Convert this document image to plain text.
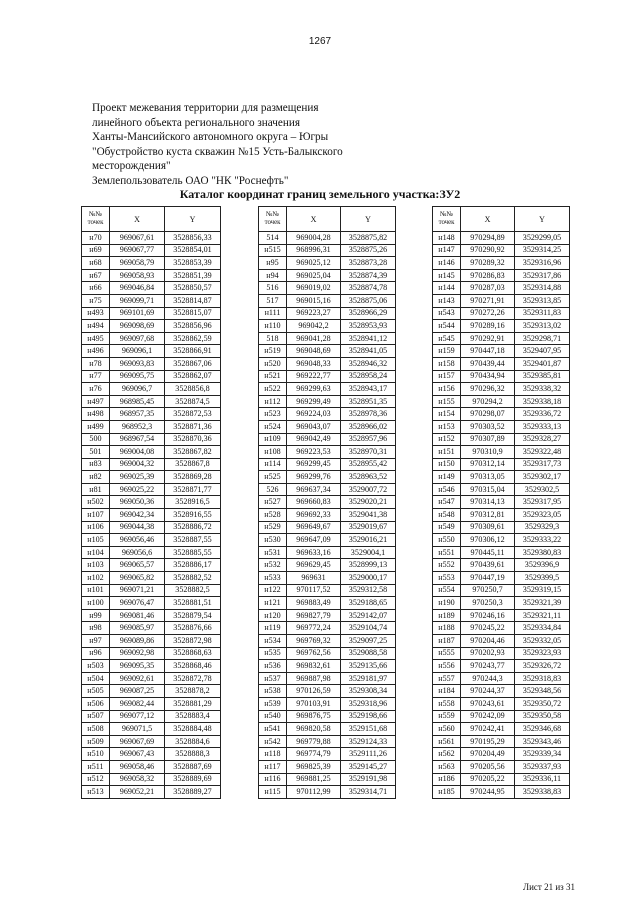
1267
Проект межевания территории для размещения
линейного объекта регионального значения
Ханты-Мансийского автономного округа – Югры
"Обустройство куста скважин №15 Усть-Балыкского
месторождения"
Землепользователь ОАО "НК "Роснефть"
Каталог координат границ земельного участка:ЗУ2
№№
точек	X	Y
н70	969067,61	3528856,33
н69	969067,77	3528854,01
н68	969058,79	3528853,39
н67	969058,93	3528851,39
н66	969046,84	3528850,57
н75	969099,71	3528814,87
н493	969101,69	3528815,07
н494	969098,69	3528856,96
н495	969097,68	3528862,59
н496	969096,1	3528866,91
н78	969093,83	3528867,06
н77	969095,75	3528862,07
н76	969096,7	3528856,8
н497	968985,45	3528874,5
н498	968957,35	3528872,53
н499	968952,3	3528871,36
500	968967,54	3528870,36
501	969004,08	3528867,82
н83	969004,32	3528867,8
н82	969025,39	3528869,28
н81	969025,22	3528871,77
н502	969050,36	3528916,5
н107	969042,34	3528916,55
н106	969044,38	3528886,72
н105	969056,46	3528887,55
н104	969056,6	3528885,55
н103	969065,57	3528886,17
н102	969065,82	3528882,52
н101	969071,21	3528882,5
н100	969076,47	3528881,51
н99	969081,46	3528879,54
н98	969085,97	3528876,66
н97	969089,86	3528872,98
н96	969092,98	3528868,63
н503	969095,35	3528868,46
н504	969092,61	3528872,78
н505	969087,25	3528878,2
н506	969082,44	3528881,29
н507	969077,12	3528883,4
н508	969071,5	3528884,48
н509	969067,69	3528884,6
н510	969067,43	3528888,3
н511	969058,46	3528887,69
н512	969058,32	3528889,69
н513	969052,21	3528889,27
№№
точек	X	Y
514	969004,28	3528875,82
н515	968996,31	3528875,26
н95	969025,12	3528873,28
н94	969025,04	3528874,39
516	969019,02	3528874,78
517	969015,16	3528875,06
н111	969223,27	3528966,29
н110	969042,2	3528953,93
518	969041,28	3528941,12
н519	969048,69	3528941,05
н520	969048,33	3528946,32
н521	969222,77	3528958,24
н522	969299,63	3528943,17
н112	969299,49	3528951,35
н523	969224,03	3528978,36
н524	969043,07	3528966,02
н109	969042,49	3528957,96
н108	969223,53	3528970,31
н114	969299,45	3528955,42
н525	969299,76	3528963,52
526	969637,34	3529007,72
н527	969660,83	3529020,21
н528	969692,33	3529041,38
н529	969649,67	3529019,67
н530	969647,09	3529016,21
н531	969633,16	3529004,1
н532	969629,45	3528999,13
н533	969631	3529000,17
н122	970117,52	3529312,58
н121	969883,49	3529188,65
н120	969827,79	3529142,07
н119	969772,24	3529104,74
н534	969769,32	3529097,25
н535	969762,56	3529088,58
н536	969832,61	3529135,66
н537	969887,98	3529181,97
н538	970126,59	3529308,34
н539	970103,91	3529318,96
н540	969876,75	3529198,66
н541	969820,58	3529151,68
н542	969779,88	3529124,33
н118	969774,79	3529111,26
н117	969825,39	3529145,27
н116	969881,25	3529191,98
н115	970112,99	3529314,71
№№
точек	X	Y
н148	970294,89	3529299,05
н147	970290,92	3529314,25
н146	970289,32	3529316,96
н145	970286,83	3529317,86
н144	970287,03	3529314,88
н143	970271,91	3529313,85
н543	970272,26	3529311,83
н544	970289,16	3529313,02
н545	970292,91	3529298,71
н159	970447,18	3529407,95
н158	970439,44	3529401,87
н157	970434,94	3529385,81
н156	970296,32	3529338,32
н155	970294,2	3529338,18
н154	970298,07	3529336,72
н153	970303,52	3529333,13
н152	970307,89	3529328,27
н151	970310,9	3529322,48
н150	970312,14	3529317,73
н149	970313,05	3529302,17
н546	970315,04	3529302,5
н547	970314,13	3529317,95
н548	970312,81	3529323,05
н549	970309,61	3529329,3
н550	970306,12	3529333,22
н551	970445,11	3529380,83
н552	970439,61	3529396,9
н553	970447,19	3529399,5
н554	970250,7	3529319,15
н190	970250,3	3529321,39
н189	970246,16	3529321,11
н188	970245,22	3529334,84
н187	970204,46	3529332,05
н555	970202,93	3529323,93
н556	970243,77	3529326,72
н557	970244,3	3529318,83
н184	970244,37	3529348,56
н558	970243,61	3529350,72
н559	970242,09	3529350,58
н560	970242,41	3529346,68
н561	970195,29	3529343,46
н562	970204,49	3529339,34
н563	970205,56	3529337,93
н186	970205,22	3529336,11
н185	970244,95	3529338,83
Лист 21 из 31
